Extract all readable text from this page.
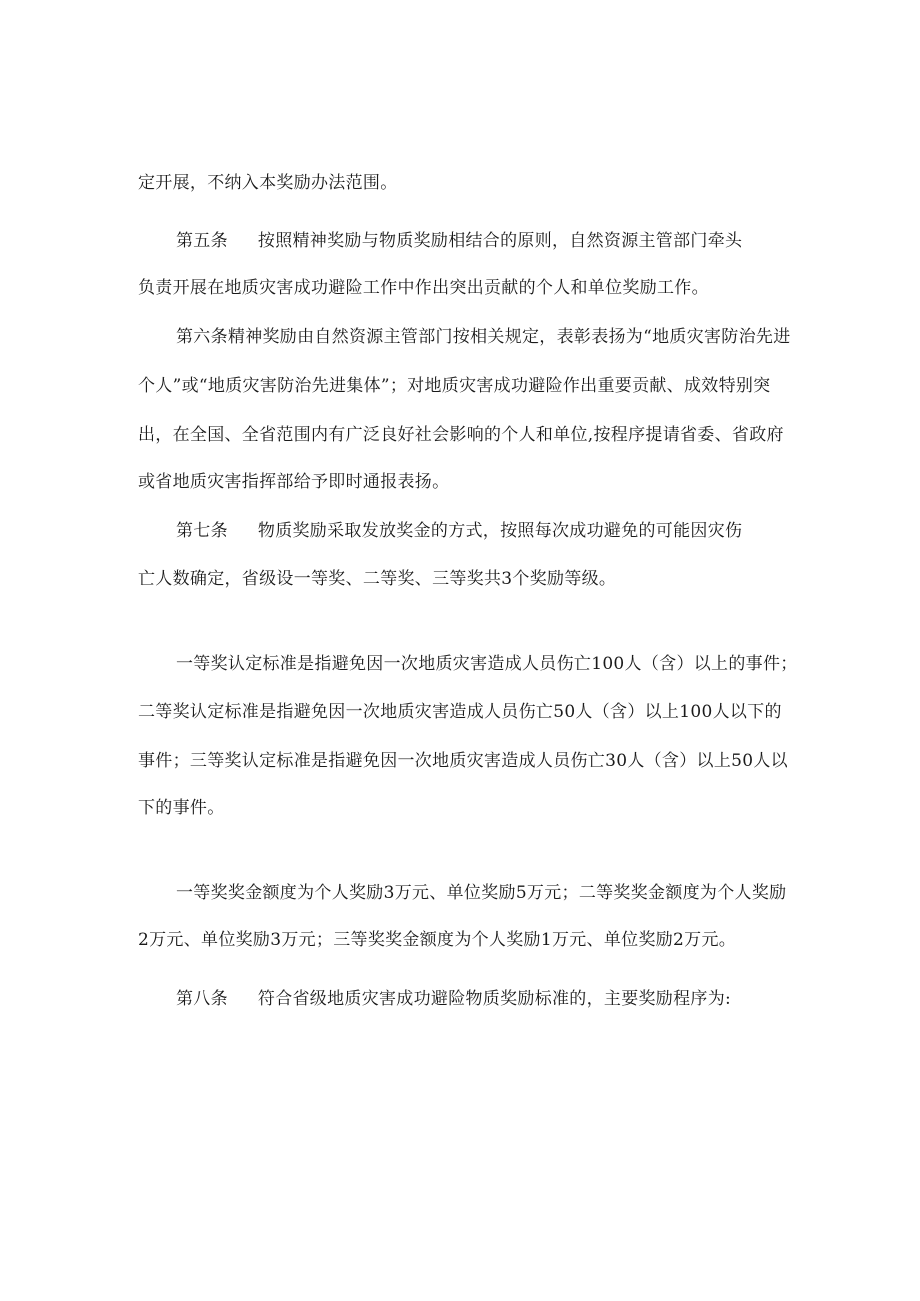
定开展，不纳入本奖励办法范围。
第五条 按照精神奖励与物质奖励相结合的原则，自然资源主管部门牵头
负责开展在地质灾害成功避险工作中作出突出贡献的个人和单位奖励工作。
第六条精神奖励由自然资源主管部门按相关规定，表彰表扬为“地质灾害防治先进
个人”或“地质灾害防治先进集体”；对地质灾害成功避险作出重要贡献、成效特别突
出，在全国、全省范围内有广泛良好社会影响的个人和单位,按程序提请省委、省政府
或省地质灾害指挥部给予即时通报表扬。
第七条 物质奖励采取发放奖金的方式，按照每次成功避免的可能因灾伤
亡人数确定，省级设一等奖、二等奖、三等奖共3个奖励等级。
一等奖认定标准是指避免因一次地质灾害造成人员伤亡100人（含）以上的事件；
二等奖认定标准是指避免因一次地质灾害造成人员伤亡50人（含）以上100人以下的
事件；三等奖认定标准是指避免因一次地质灾害造成人员伤亡30人（含）以上50人以
下的事件。
一等奖奖金额度为个人奖励3万元、单位奖励5万元；二等奖奖金额度为个人奖励
2万元、单位奖励3万元；三等奖奖金额度为个人奖励1万元、单位奖励2万元。
第八条 符合省级地质灾害成功避险物质奖励标准的，主要奖励程序为:
